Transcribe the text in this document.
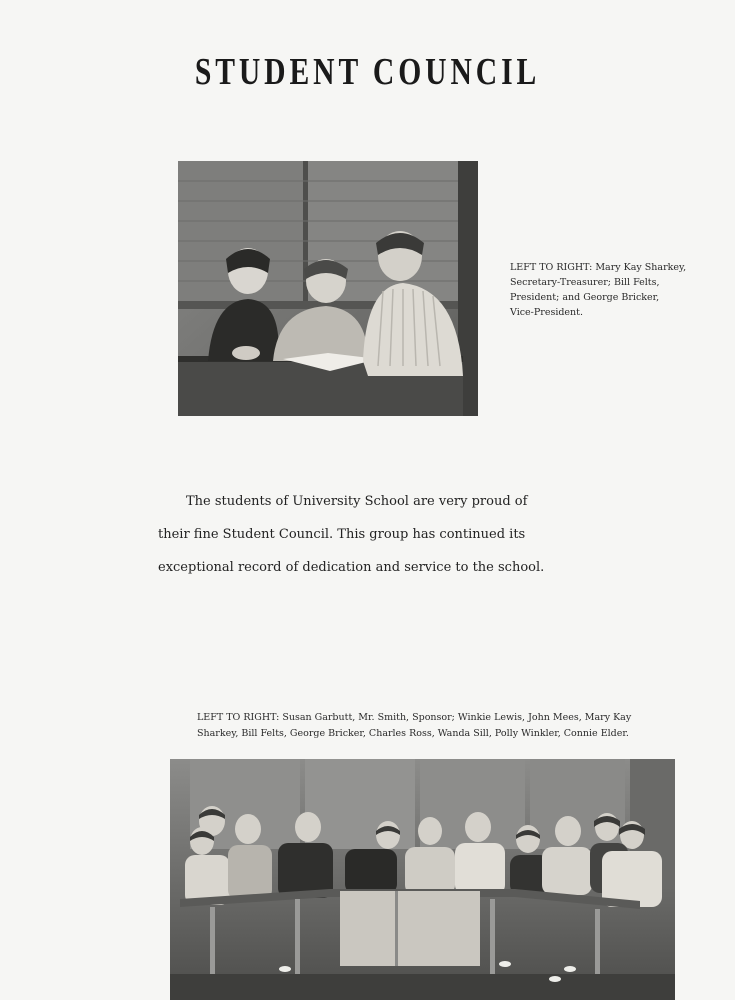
STUDENT COUNCIL
LEFT TO RIGHT: Mary Kay Sharkey,
Secretary-Treasurer; Bill Felts,
President; and George Bricker,
Vice-President.

The students of University School are very proud of

their fine Student Council. This group has continued its

exceptional record of dedication and service to the school.

LEFT TO RIGHT: Susan Garbutt, Mr. Smith, Sponsor; Winkie Lewis, John Mees, Mary Kay
Sharkey, Bill Felts, George Bricker, Charles Ross, Wanda Sill, Polly Winkler, Connie Elder.
